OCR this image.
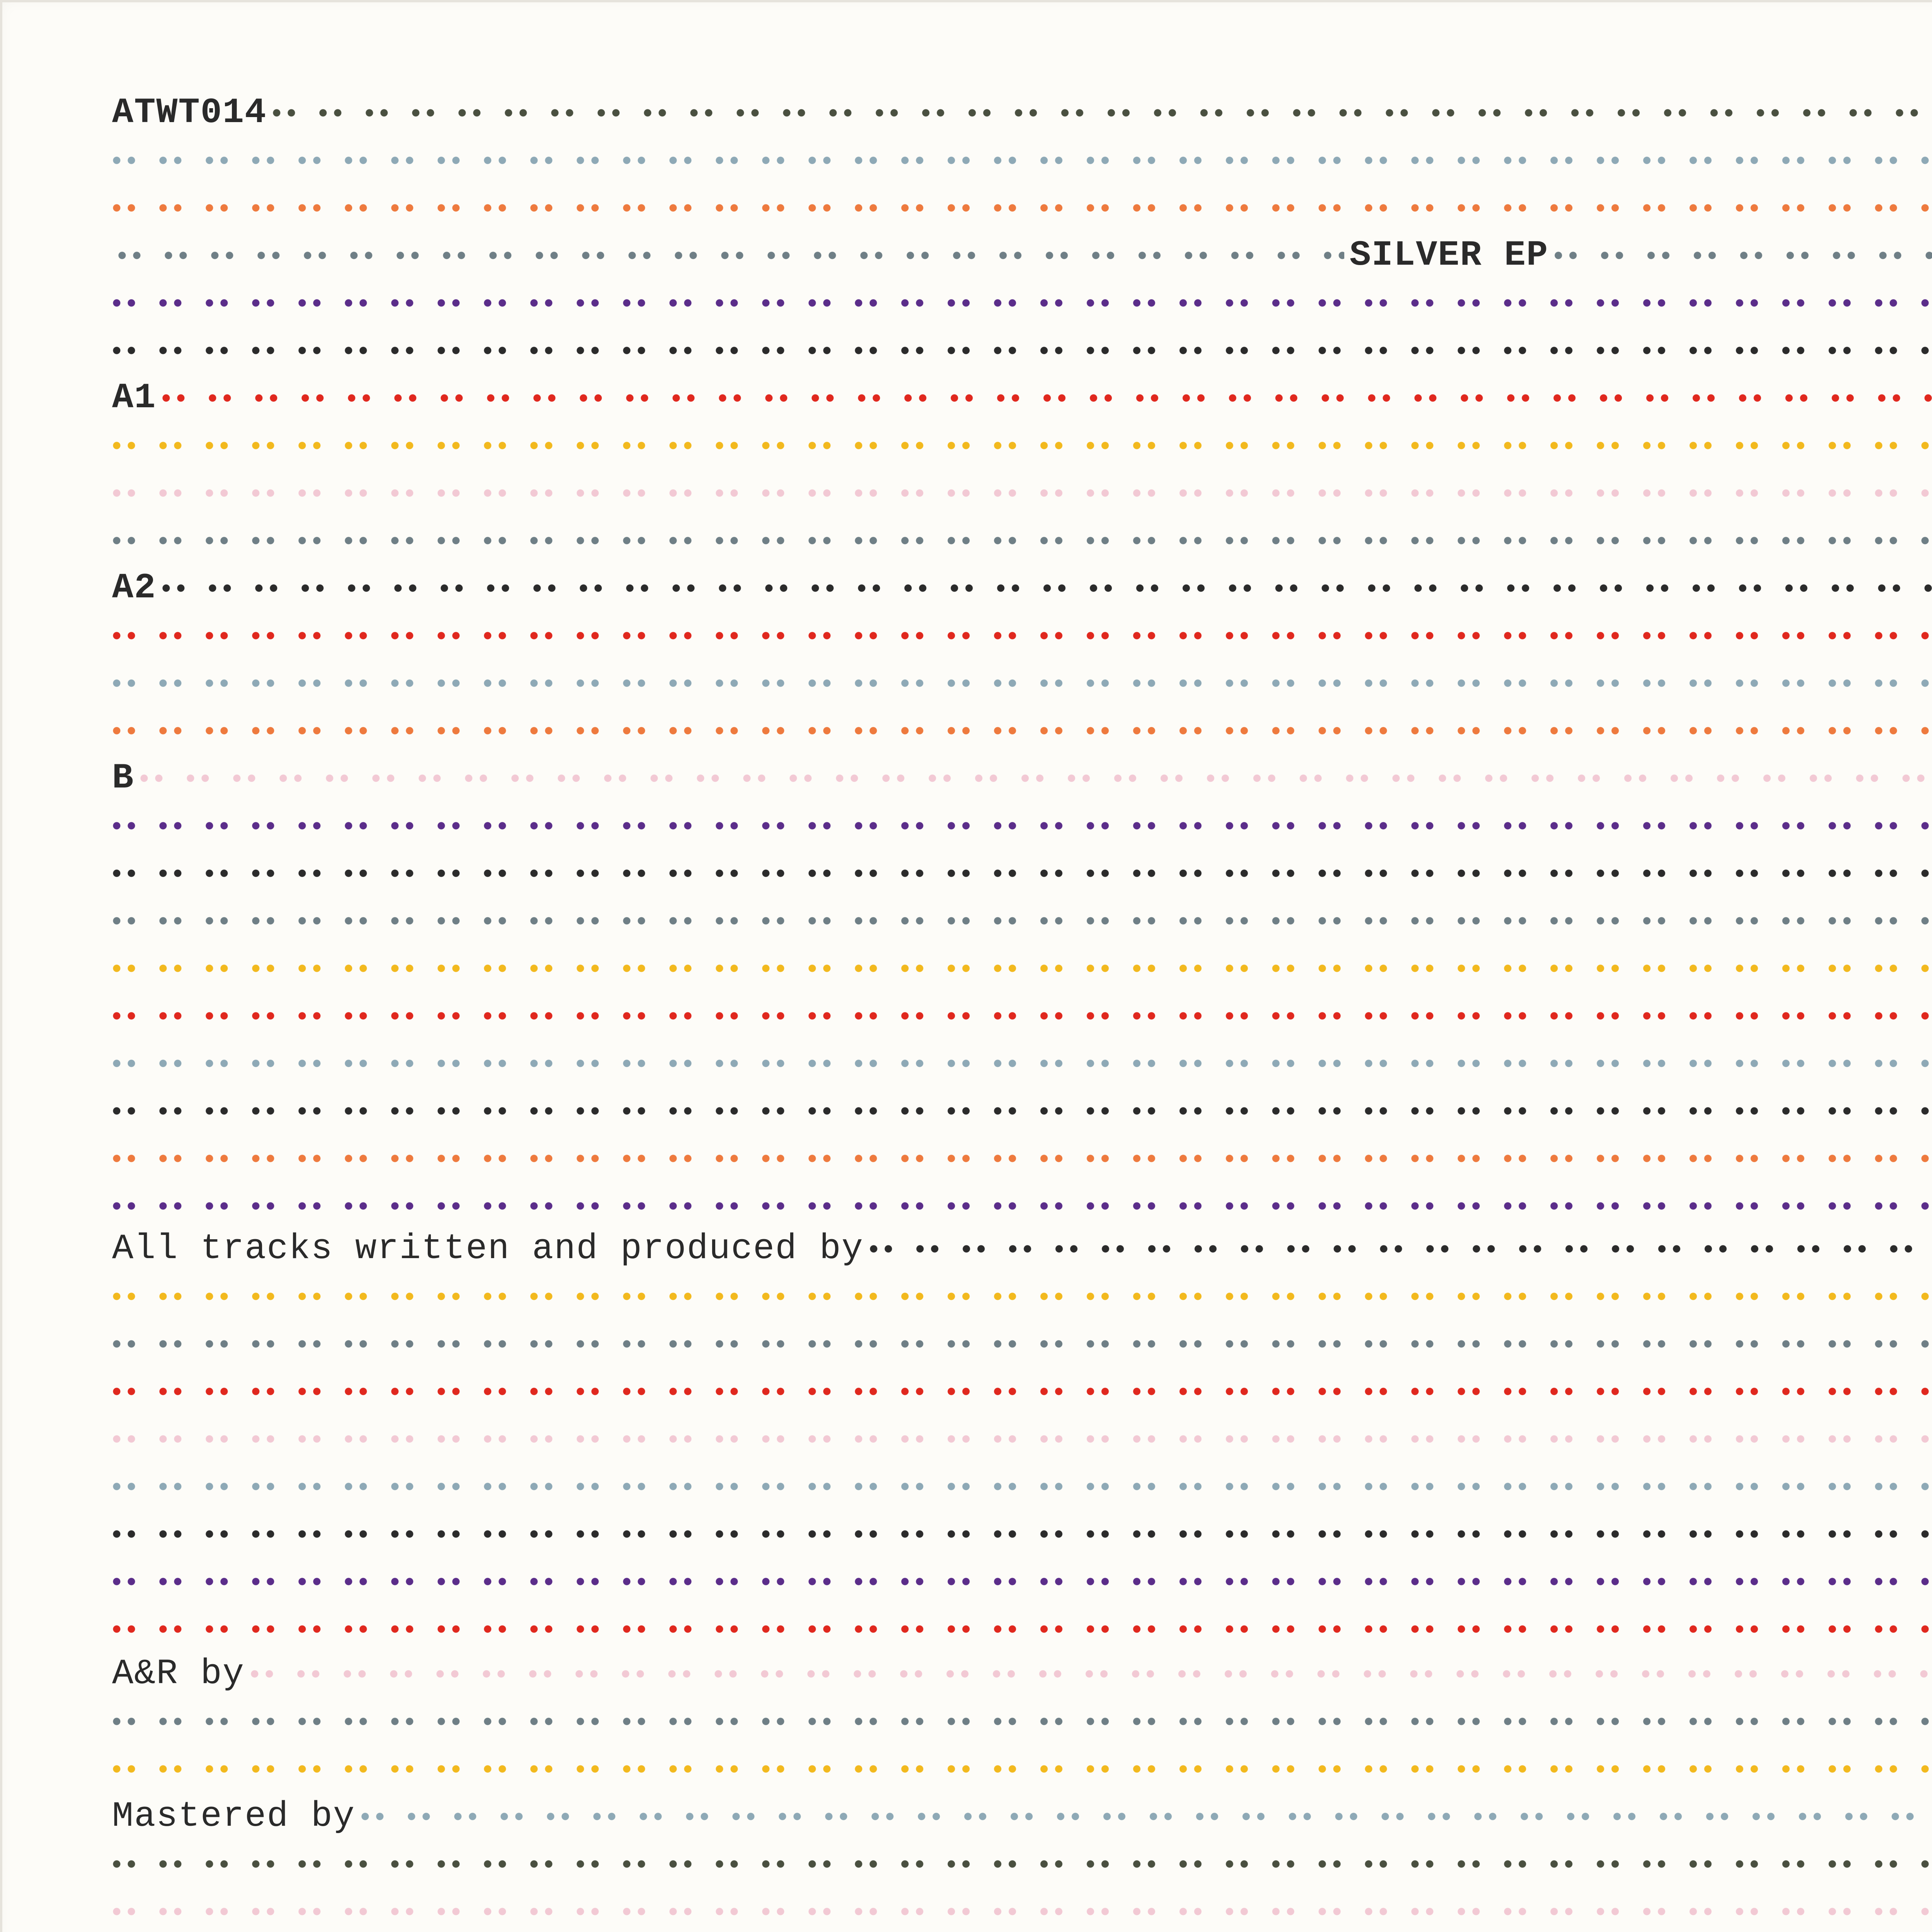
ATWT014
SILVER EP
A1
A2
B
All tracks written and produced by
A&R by
Mastered by
